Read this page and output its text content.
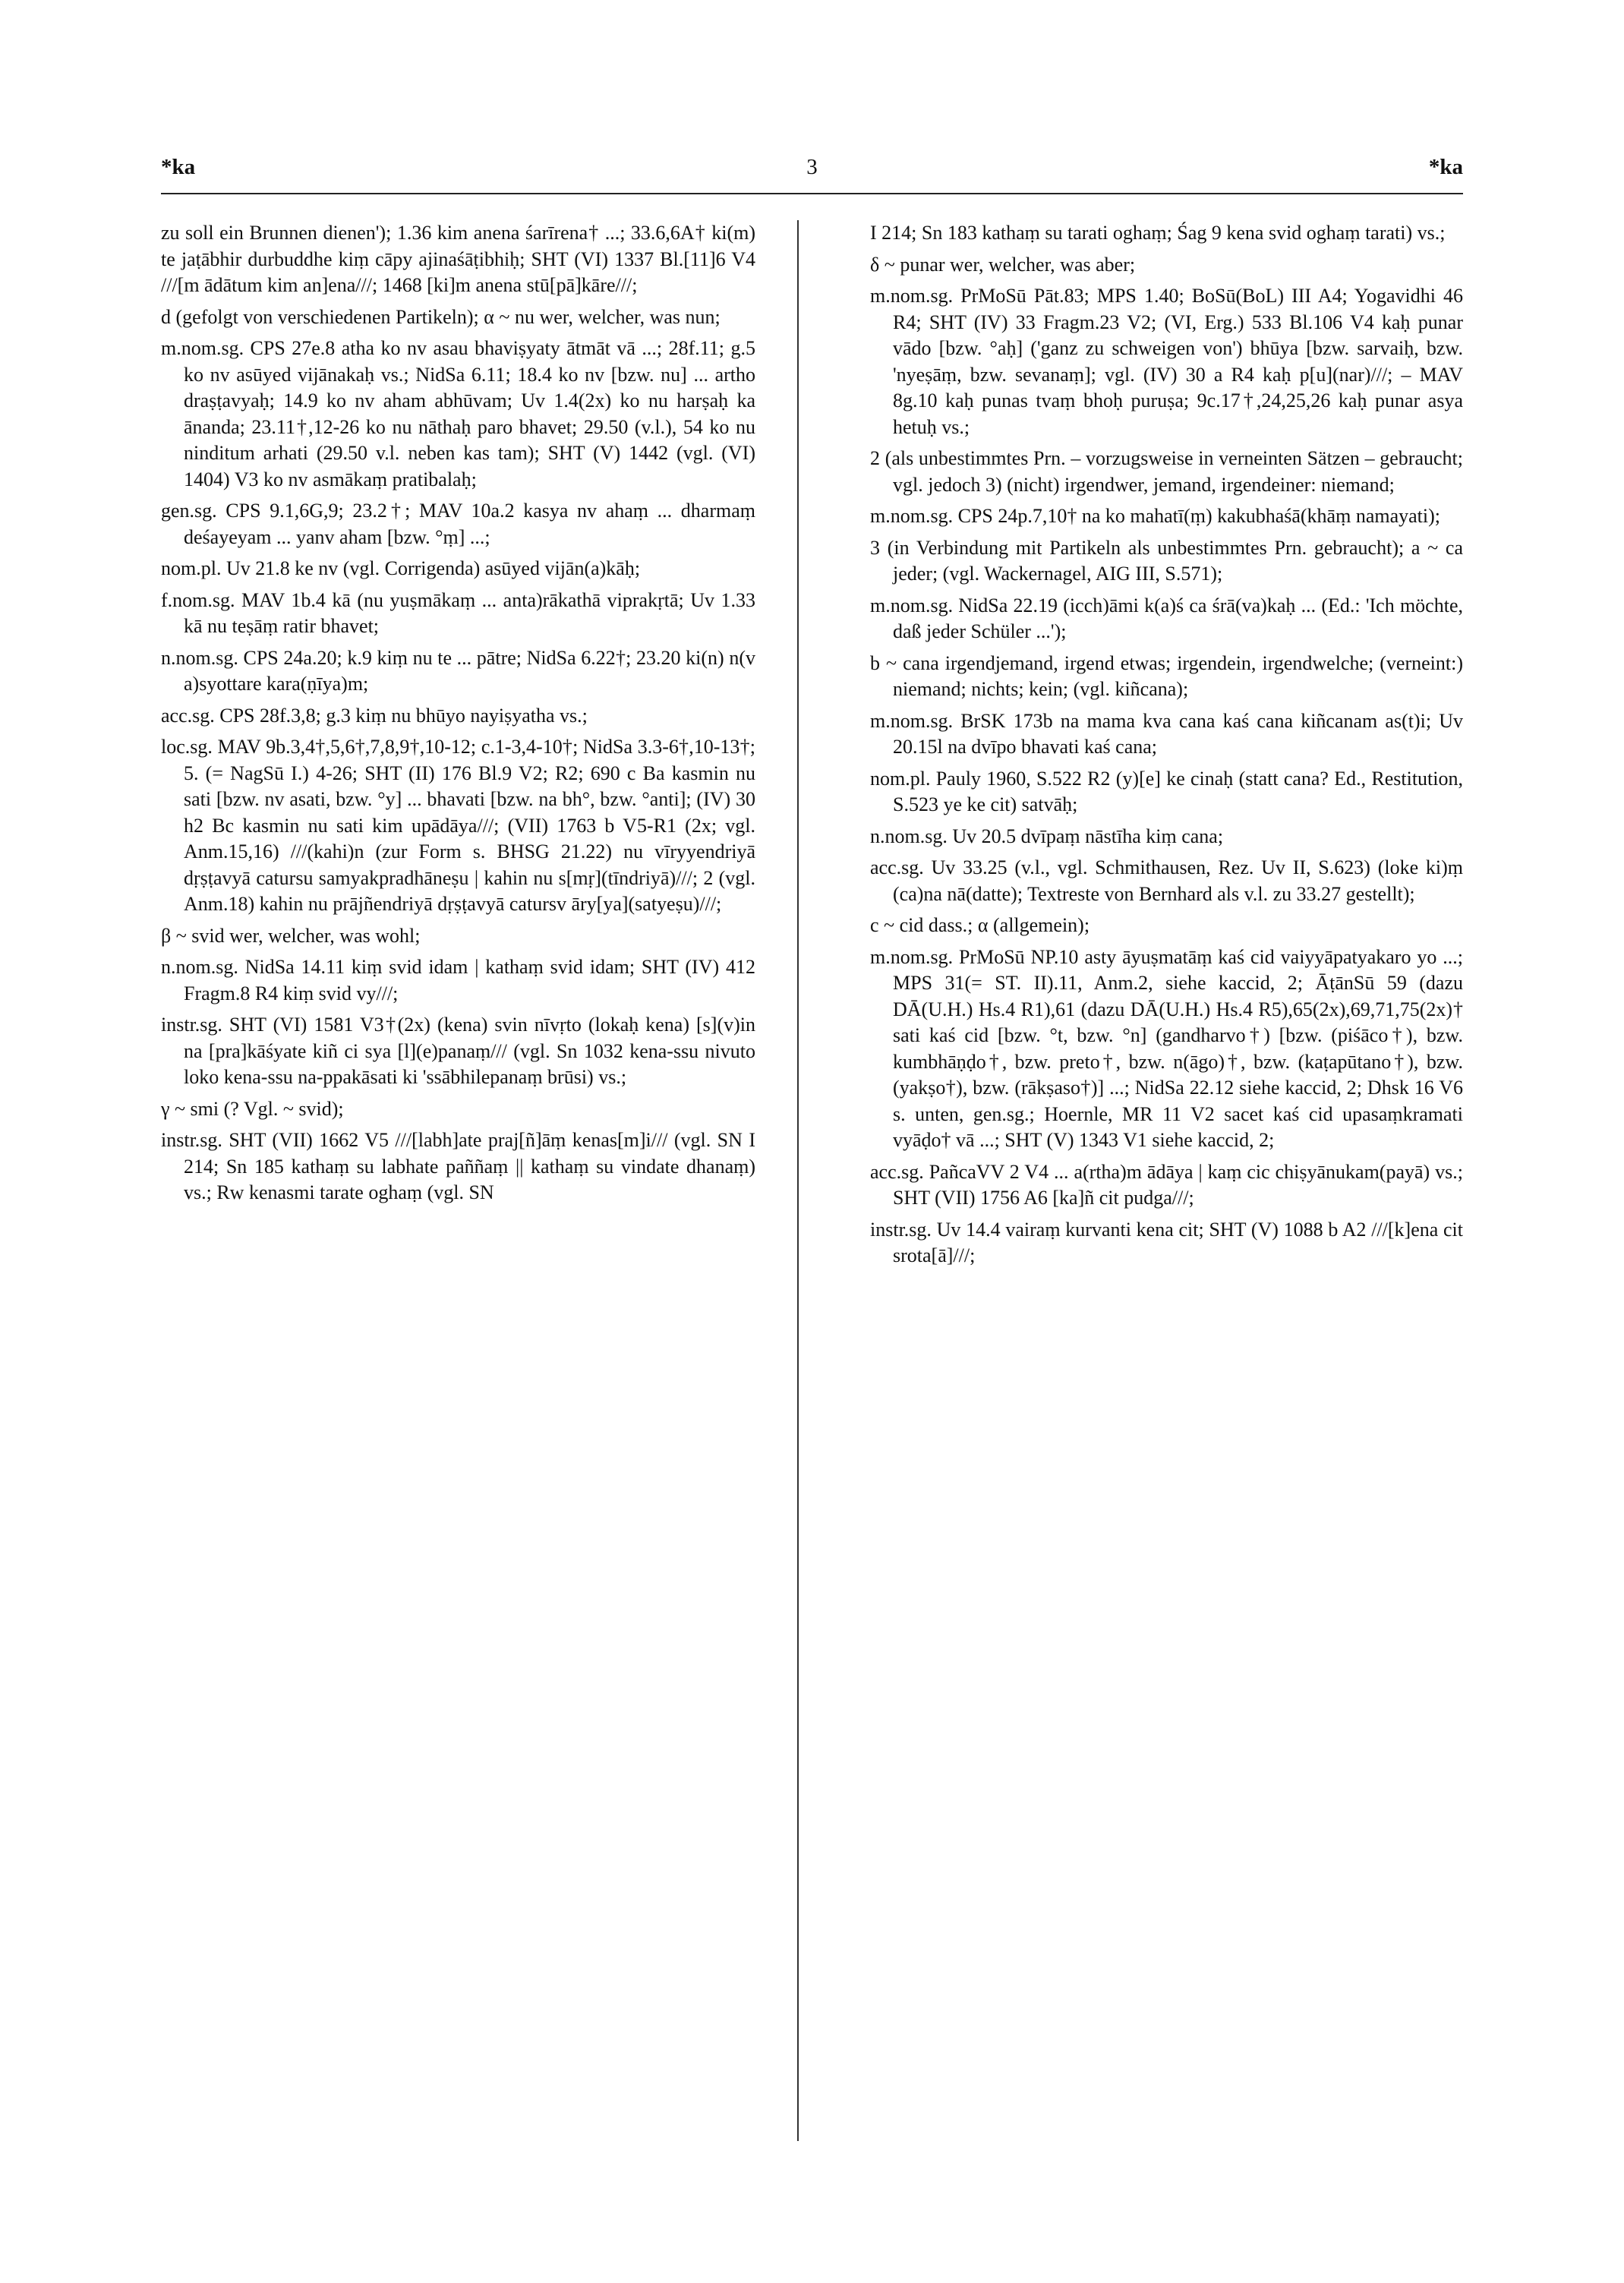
*ka	3	*ka

zu soll ein Brunnen dienen'); 1.36 kim anena śarīrena† ...; 33.6,6A† ki(m) te jaṭābhir durbuddhe kiṃ cāpy ajinaśāṭibhiḥ; SHT (VI) 1337 Bl.[11]6 V4 ///[m ādātum kim an]ena///; 1468 [ki]m anena stū[pā]kāre///;

d (gefolgt von verschiedenen Partikeln); α ~ nu wer, welcher, was nun;

m.nom.sg. CPS 27e.8 atha ko nv asau bhaviṣyaty ātmāt vā ...; 28f.11; g.5 ko nv asūyed vijānakaḥ vs.; NidSa 6.11; 18.4 ko nv [bzw. nu] ... artho draṣṭavyaḥ; 14.9 ko nv aham abhūvam; Uv 1.4(2x) ko nu harṣaḥ ka ānanda; 23.11†,12-26 ko nu nāthaḥ paro bhavet; 29.50 (v.l.), 54 ko nu ninditum arhati (29.50 v.l. neben kas tam); SHT (V) 1442 (vgl. (VI) 1404) V3 ko nv asmākaṃ pratibalaḥ;

gen.sg. CPS 9.1,6G,9; 23.2†; MAV 10a.2 kasya nv ahaṃ ... dharmaṃ deśayeyam ... yanv aham [bzw. °ṃ] ...;

nom.pl. Uv 21.8 ke nv (vgl. Corrigenda) asūyed vijān(a)kāḥ;

f.nom.sg. MAV 1b.4 kā (nu yuṣmākaṃ ... anta)rākathā viprakṛtā; Uv 1.33 kā nu teṣāṃ ratir bhavet;

n.nom.sg. CPS 24a.20; k.9 kiṃ nu te ... pātre; NidSa 6.22†; 23.20 ki(n) n(v a)syottare kara(ṇīya)m;

acc.sg. CPS 28f.3,8; g.3 kiṃ nu bhūyo nayiṣyatha vs.;

loc.sg. MAV 9b.3,4†,5,6†,7,8,9†,10-12; c.1-3,4-10†; NidSa 3.3-6†,10-13†; 5. (= NagSū I.) 4-26; SHT (II) 176 Bl.9 V2; R2; 690 c Ba kasmin nu sati [bzw. nv asati, bzw. °y] ... bhavati [bzw. na bh°, bzw. °anti]; (IV) 30 h2 Bc kasmin nu sati kim upādāya///; (VII) 1763 b V5-R1 (2x; vgl. Anm.15,16) ///(kahi)n (zur Form s. BHSG 21.22) nu vīryyendriyā dṛṣṭavyā catursu samyakpradhāneṣu | kahin nu s[mṛ](tīndriyā)///; 2 (vgl. Anm.18) kahin nu prājñendriyā dṛṣṭavyā catursv āry[ya](satyeṣu)///;

β ~ svid wer, welcher, was wohl;

n.nom.sg. NidSa 14.11 kiṃ svid idam | kathaṃ svid idam; SHT (IV) 412 Fragm.8 R4 kiṃ svid vy///;

instr.sg. SHT (VI) 1581 V3†(2x) (kena) svin nīvṛto (lokaḥ kena) [s](v)in na [pra]kāśyate kiñ ci sya [l](e)panaṃ/// (vgl. Sn 1032 kena-ssu nivuto loko kena-ssu na-ppakāsati ki 'ssābhilepanaṃ brūsi) vs.;

γ ~ smi (? Vgl. ~ svid);

instr.sg. SHT (VII) 1662 V5 ///[labh]ate praj[ñ]āṃ kenas[m]i/// (vgl. SN I 214; Sn 185 kathaṃ su labhate paññaṃ || kathaṃ su vindate dhanaṃ) vs.; Rw kenasmi tarate oghaṃ (vgl. SN

I 214; Sn 183 kathaṃ su tarati oghaṃ; Śag 9 kena svid oghaṃ tarati) vs.;

δ ~ punar wer, welcher, was aber;

m.nom.sg. PrMoSū Pāt.83; MPS 1.40; BoSū(BoL) III A4; Yogavidhi 46 R4; SHT (IV) 33 Fragm.23 V2; (VI, Erg.) 533 Bl.106 V4 kaḥ punar vādo [bzw. °aḥ] ('ganz zu schweigen von') bhūya [bzw. sarvaiḥ, bzw. 'nyeṣāṃ, bzw. sevanaṃ]; vgl. (IV) 30 a R4 kaḥ p[u](nar)///; – MAV 8g.10 kaḥ punas tvaṃ bhoḥ puruṣa; 9c.17†,24,25,26 kaḥ punar asya hetuḥ vs.;

2 (als unbestimmtes Prn. – vorzugsweise in verneinten Sätzen – gebraucht; vgl. jedoch 3) (nicht) irgendwer, jemand, irgendeiner: niemand;

m.nom.sg. CPS 24p.7,10† na ko mahatī(ṃ) kakubhaśā(khāṃ namayati);

3 (in Verbindung mit Partikeln als unbestimmtes Prn. gebraucht); a ~ ca jeder; (vgl. Wackernagel, AIG III, S.571);

m.nom.sg. NidSa 22.19 (icch)āmi k(a)ś ca śrā(va)kaḥ ... (Ed.: 'Ich möchte, daß jeder Schüler ...');

b ~ cana irgendjemand, irgend etwas; irgendein, irgendwelche; (verneint:) niemand; nichts; kein; (vgl. kiñcana);

m.nom.sg. BrSK 173b na mama kva cana kaś cana kiñcanam as(t)i; Uv 20.15l na dvīpo bhavati kaś cana;

nom.pl. Pauly 1960, S.522 R2 (y)[e] ke cinaḥ (statt cana? Ed., Restitution, S.523 ye ke cit) satvāḥ;

n.nom.sg. Uv 20.5 dvīpaṃ nāstīha kiṃ cana;

acc.sg. Uv 33.25 (v.l., vgl. Schmithausen, Rez. Uv II, S.623) (loke ki)ṃ (ca)na nā(datte); Textreste von Bernhard als v.l. zu 33.27 gestellt);

c ~ cid dass.; α (allgemein);

m.nom.sg. PrMoSū NP.10 asty āyuṣmatāṃ kaś cid vaiyyāpatyakaro yo ...; MPS 31(= ST. II).11, Anm.2, siehe kaccid, 2; ĀṭānSū 59 (dazu DĀ(U.H.) Hs.4 R1),61 (dazu DĀ(U.H.) Hs.4 R5),65(2x),69,71,75(2x)† sati kaś cid [bzw. °t, bzw. °n] (gandharvo†) [bzw. (piśāco†), bzw. kumbhāṇḍo†, bzw. preto†, bzw. n(āgo)†, bzw. (kaṭapūtano†), bzw. (yakṣo†), bzw. (rākṣaso†)] ...; NidSa 22.12 siehe kaccid, 2; Dhsk 16 V6 s. unten, gen.sg.; Hoernle, MR 11 V2 sacet kaś cid upasaṃkramati vyāḍo† vā ...; SHT (V) 1343 V1 siehe kaccid, 2;

acc.sg. PañcaVV 2 V4 ... a(rtha)m ādāya | kaṃ cic chiṣyānukam(payā) vs.; SHT (VII) 1756 A6 [ka]ñ cit pudga///;

instr.sg. Uv 14.4 vairaṃ kurvanti kena cit; SHT (V) 1088 b A2 ///[k]ena cit srota[ā]///;
